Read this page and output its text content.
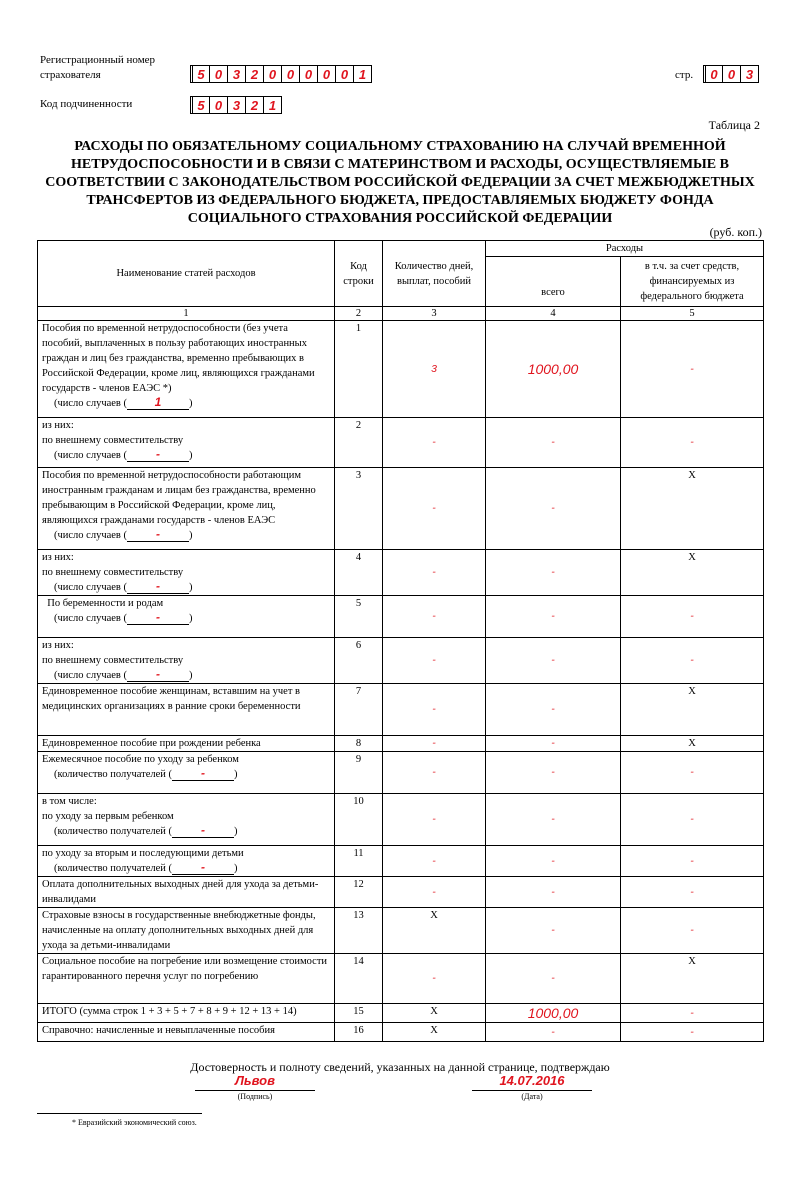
Регистрационный номер
страхователя	5 0 3 2 0 0 0 0 0 1	стр.	0 0 3
Код подчиненности	5 0 3 2 1
Таблица 2
РАСХОДЫ ПО ОБЯЗАТЕЛЬНОМУ СОЦИАЛЬНОМУ СТРАХОВАНИЮ НА СЛУЧАЙ ВРЕМЕННОЙ НЕТРУДОСПОСОБНОСТИ И В СВЯЗИ С МАТЕРИНСТВОМ И РАСХОДЫ, ОСУЩЕСТВЛЯЕМЫЕ В СООТВЕТСТВИИ С ЗАКОНОДАТЕЛЬСТВОМ РОССИЙСКОЙ ФЕДЕРАЦИИ ЗА СЧЕТ МЕЖБЮДЖЕТНЫХ ТРАНСФЕРТОВ ИЗ ФЕДЕРАЛЬНОГО БЮДЖЕТА, ПРЕДОСТАВЛЯЕМЫХ БЮДЖЕТУ ФОНДА СОЦИАЛЬНОГО СТРАХОВАНИЯ РОССИЙСКОЙ ФЕДЕРАЦИИ
(руб. коп.)
Наименование статей расходов	Код строки	Количество дней, выплат, пособий	Расходы	
			всего	в т.ч. за счет средств, финансируемых из федерального бюджета
1	2	3	4	5

Пособия по временной нетрудоспособности (без учета пособий, выплаченных в пользу работающих иностранных граждан и лиц без гражданства, временно пребывающих в Российской Федерации, кроме лиц, являющихся гражданами государств - членов ЕАЭС *)
(число случаев ( 1 )	1	3	1000,00	-

из них:
по внешнему совместительству
(число случаев ( - )	2	-	-	-

Пособия по временной нетрудоспособности работающим иностранным гражданам и лицам без гражданства, временно пребывающим в Российской Федерации, кроме лиц, являющихся гражданами государств - членов ЕАЭС
(число случаев ( - )	3	-	-	X

из них:
по внешнему совместительству
(число случаев ( - )	4	-	-	X

По беременности и родам
(число случаев ( - )	5	-	-	-

из них:
по внешнему совместительству
(число случаев ( - )	6	-	-	-

Единовременное пособие женщинам, вставшим на учет в медицинских организациях в ранние сроки беременности	7	-	-	X

Единовременное пособие при рождении ребенка	8	-	-	X

Ежемесячное пособие по уходу за ребенком
(количество получателей ( - )	9	-	-	-

в том числе:
по уходу за первым ребенком
(количество получателей ( - )	10	-	-	-

по уходу за вторым и последующими детьми
(количество получателей ( - )	11	-	-	-

Оплата дополнительных выходных дней для ухода за детьми-инвалидами	12	-	-	-

Страховые взносы в государственные внебюджетные фонды, начисленные на оплату дополнительных выходных дней для ухода за детьми-инвалидами	13	X	-	-

Социальное пособие на погребение или возмещение стоимости гарантированного перечня услуг по погребению	14	-	-	X

ИТОГО (сумма строк 1 + 3 + 5 + 7 + 8 + 9 + 12 + 13 + 14)	15	X	1000,00	-

Справочно: начисленные и невыплаченные пособия	16	X	-	-
Достоверность и полноту сведений, указанных на данной странице, подтверждаю
Львов
(Подпись)
14.07.2016
(Дата)
* Евразийский экономический союз.
